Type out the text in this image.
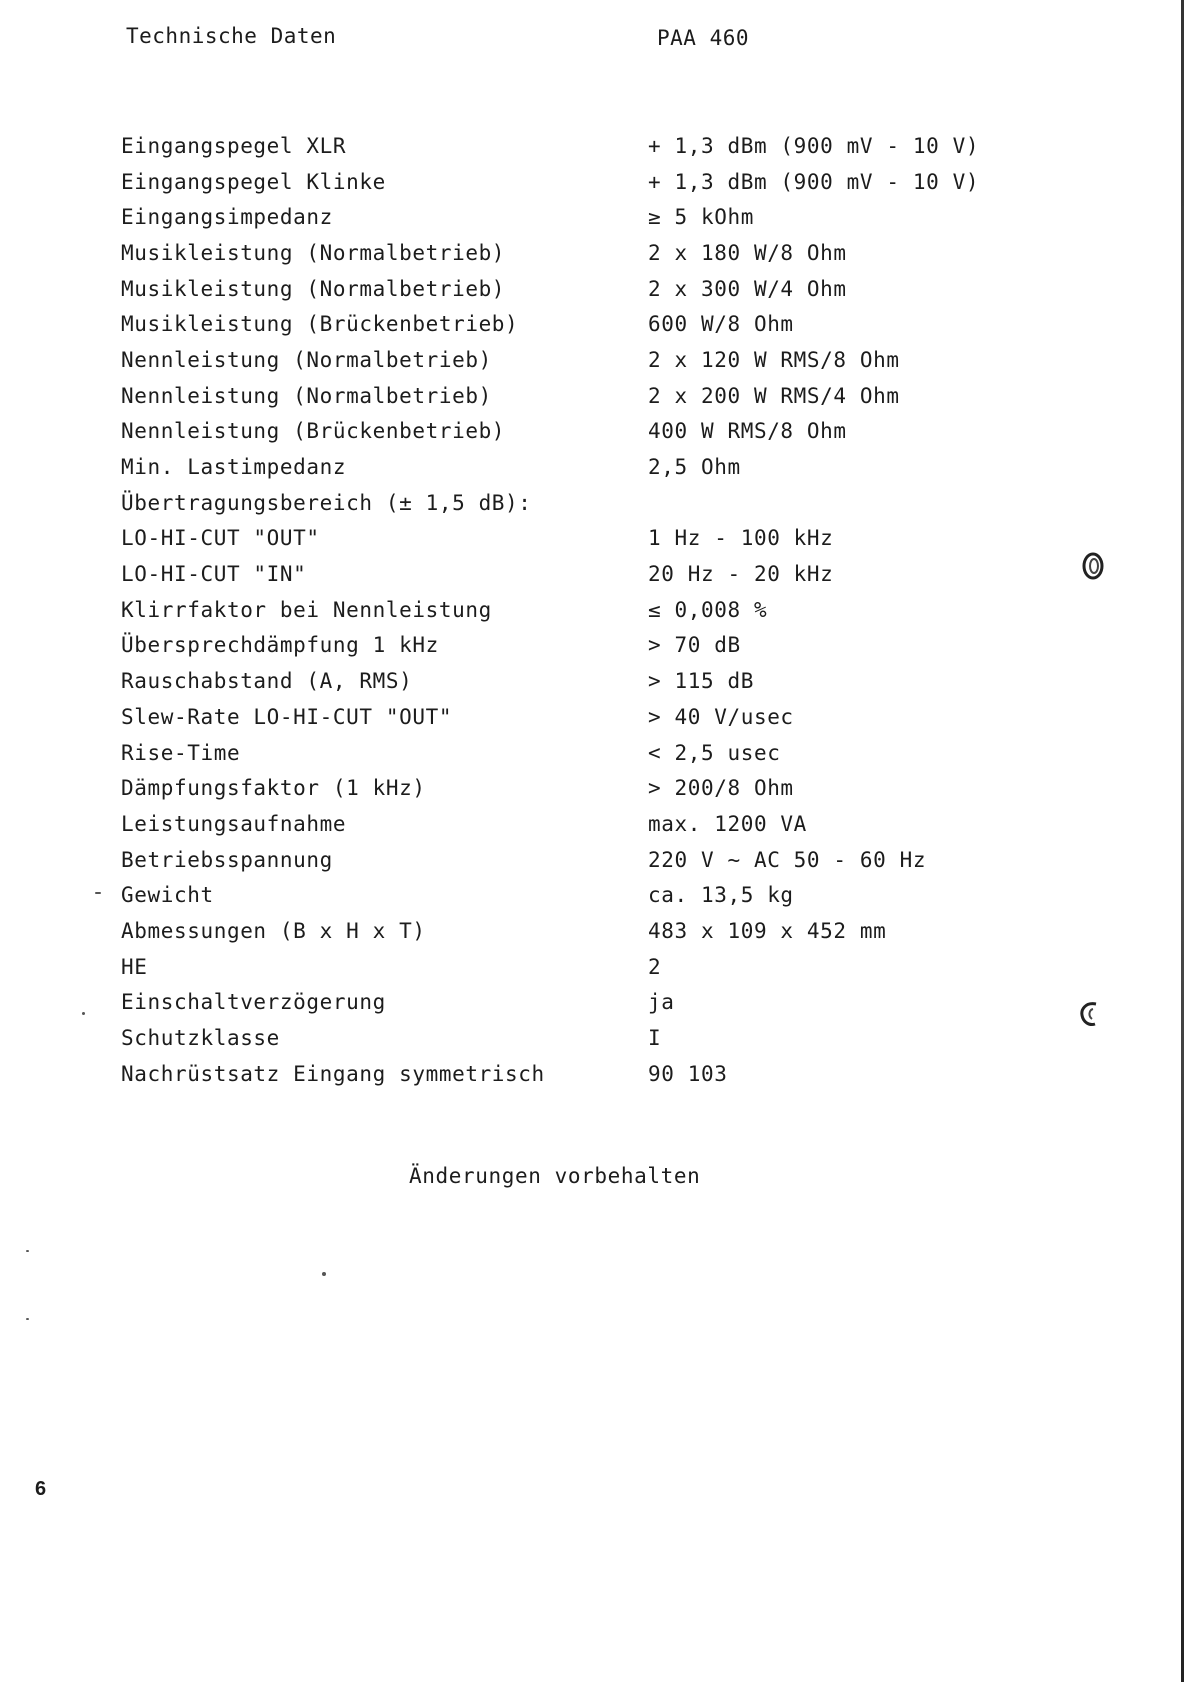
Technische Daten	PAA 460
Eingangspegel XLR	+ 1,3 dBm (900 mV - 10 V)
Eingangspegel Klinke	+ 1,3 dBm (900 mV - 10 V)
Eingangsimpedanz	≥ 5 kOhm
Musikleistung (Normalbetrieb)	2 x 180 W/8 Ohm
Musikleistung (Normalbetrieb)	2 x 300 W/4 Ohm
Musikleistung (Brückenbetrieb)	600 W/8 Ohm
Nennleistung (Normalbetrieb)	2 x 120 W RMS/8 Ohm
Nennleistung (Normalbetrieb)	2 x 200 W RMS/4 Ohm
Nennleistung (Brückenbetrieb)	400 W RMS/8 Ohm
Min. Lastimpedanz	2,5 Ohm
Übertragungsbereich (± 1,5 dB):
LO-HI-CUT "OUT"	1 Hz - 100 kHz
LO-HI-CUT "IN"	20 Hz - 20 kHz
Klirrfaktor bei Nennleistung	≤ 0,008 %
Übersprechdämpfung 1 kHz	> 70 dB
Rauschabstand (A, RMS)	> 115 dB
Slew-Rate LO-HI-CUT "OUT"	> 40 V/usec
Rise-Time	< 2,5 usec
Dämpfungsfaktor (1 kHz)	> 200/8 Ohm
Leistungsaufnahme	max. 1200 VA
Betriebsspannung	220 V ~ AC 50 - 60 Hz
Gewicht	ca. 13,5 kg
Abmessungen (B x H x T)	483 x 109 x 452 mm
HE	2
Einschaltverzögerung	ja
Schutzklasse	I
Nachrüstsatz Eingang symmetrisch	90 103
Änderungen vorbehalten
6
